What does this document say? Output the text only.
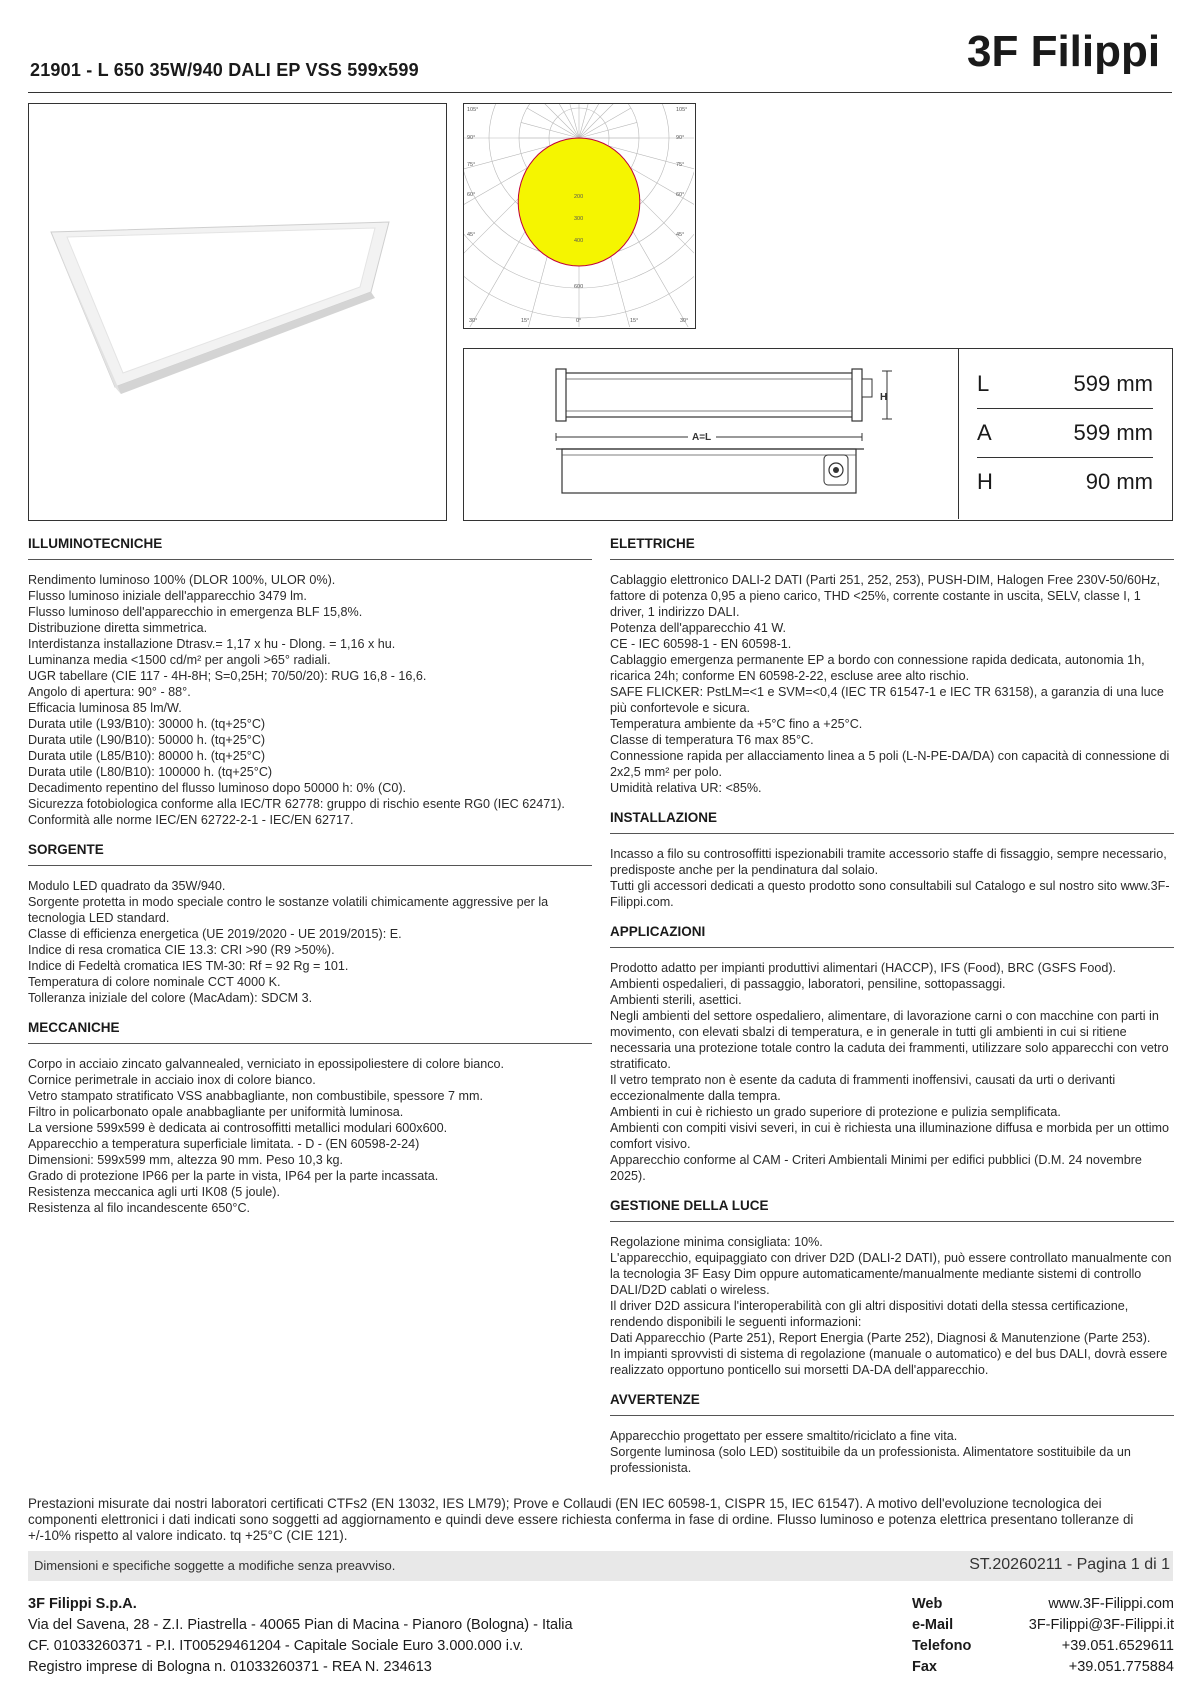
21901 - L 650 35W/940 DALI EP VSS 599x599	3F Filippi
105°
90°
75°
60°
45°
105°
90°
75°
60°
45°
30°	15°	0°	15°	30°
200
300
400
600
H
A=L
L	599 mm
A	599 mm
H	90 mm
ILLUMINOTECNICHE
Rendimento luminoso 100% (DLOR 100%, ULOR 0%).
Flusso luminoso iniziale dell'apparecchio 3479 lm.
Flusso luminoso dell'apparecchio in emergenza BLF 15,8%.
Distribuzione diretta simmetrica.
Interdistanza installazione Dtrasv.= 1,17 x hu - Dlong. = 1,16 x hu.
Luminanza media <1500 cd/m² per angoli >65° radiali.
UGR tabellare (CIE 117 - 4H-8H; S=0,25H; 70/50/20): RUG 16,8 - 16,6.
Angolo di apertura: 90° - 88°.
Efficacia luminosa 85 lm/W.
Durata utile (L93/B10): 30000 h. (tq+25°C)
Durata utile (L90/B10): 50000 h. (tq+25°C)
Durata utile (L85/B10): 80000 h. (tq+25°C)
Durata utile (L80/B10): 100000 h. (tq+25°C)
Decadimento repentino del flusso luminoso dopo 50000 h: 0% (C0).
Sicurezza fotobiologica conforme alla IEC/TR 62778: gruppo di rischio esente RG0 (IEC 62471).
Conformità alle norme IEC/EN 62722-2-1 - IEC/EN 62717.
SORGENTE
Modulo LED quadrato da 35W/940.
Sorgente protetta in modo speciale contro le sostanze volatili chimicamente aggressive per la tecnologia LED standard.
Classe di efficienza energetica (UE 2019/2020 - UE 2019/2015): E.
Indice di resa cromatica CIE 13.3: CRI >90 (R9 >50%).
Indice di Fedeltà cromatica IES TM-30: Rf = 92 Rg = 101.
Temperatura di colore nominale CCT 4000 K.
Tolleranza iniziale del colore (MacAdam): SDCM 3.
MECCANICHE
Corpo in acciaio zincato galvannealed, verniciato in epossipoliestere di colore bianco.
Cornice perimetrale in acciaio inox di colore bianco.
Vetro stampato stratificato VSS anabbagliante, non combustibile, spessore 7 mm.
Filtro in policarbonato opale anabbagliante per uniformità luminosa.
La versione 599x599 è dedicata ai controsoffitti metallici modulari 600x600.
Apparecchio a temperatura superficiale limitata. - D - (EN 60598-2-24)
Dimensioni: 599x599 mm, altezza 90 mm. Peso 10,3 kg.
Grado di protezione IP66 per la parte in vista, IP64 per la parte incassata.
Resistenza meccanica agli urti IK08 (5 joule).
Resistenza al filo incandescente 650°C.
ELETTRICHE
Cablaggio elettronico DALI-2 DATI (Parti 251, 252, 253), PUSH-DIM, Halogen Free 230V-50/60Hz, fattore di potenza 0,95 a pieno carico, THD <25%, corrente costante in uscita, SELV, classe I, 1 driver, 1 indirizzo DALI.
Potenza dell'apparecchio 41 W.
CE - IEC 60598-1 - EN 60598-1.
Cablaggio emergenza permanente EP a bordo con connessione rapida dedicata, autonomia 1h, ricarica 24h; conforme EN 60598-2-22, escluse aree alto rischio.
SAFE FLICKER: PstLM=<1 e SVM=<0,4 (IEC TR 61547-1 e IEC TR 63158), a garanzia di una luce più confortevole e sicura.
Temperatura ambiente da +5°C fino a +25°C.
Classe di temperatura T6 max 85°C.
Connessione rapida per allacciamento linea a 5 poli (L-N-PE-DA/DA) con capacità di connessione di 2x2,5 mm² per polo.
Umidità relativa UR: <85%.
INSTALLAZIONE
Incasso a filo su controsoffitti ispezionabili tramite accessorio staffe di fissaggio, sempre necessario, predisposte anche per la pendinatura dal solaio.
Tutti gli accessori dedicati a questo prodotto sono consultabili sul Catalogo e sul nostro sito www.3F-Filippi.com.
APPLICAZIONI
Prodotto adatto per impianti produttivi alimentari (HACCP), IFS (Food), BRC (GSFS Food).
Ambienti ospedalieri, di passaggio, laboratori, pensiline, sottopassaggi.
Ambienti sterili, asettici.
Negli ambienti del settore ospedaliero, alimentare, di lavorazione carni o con macchine con parti in movimento, con elevati sbalzi di temperatura, e in generale in tutti gli ambienti in cui si ritiene necessaria una protezione totale contro la caduta dei frammenti, utilizzare solo apparecchi con vetro stratificato.
Il vetro temprato non è esente da caduta di frammenti inoffensivi, causati da urti o derivanti eccezionalmente dalla tempra.
Ambienti in cui è richiesto un grado superiore di protezione e pulizia semplificata.
Ambienti con compiti visivi severi, in cui è richiesta una illuminazione diffusa e morbida per un ottimo comfort visivo.
Apparecchio conforme al CAM - Criteri Ambientali Minimi per edifici pubblici (D.M. 24 novembre 2025).
GESTIONE DELLA LUCE
Regolazione minima consigliata: 10%.
L'apparecchio, equipaggiato con driver D2D (DALI-2 DATI), può essere controllato manualmente con la tecnologia 3F Easy Dim oppure automaticamente/manualmente mediante sistemi di controllo DALI/D2D cablati o wireless.
Il driver D2D assicura l'interoperabilità con gli altri dispositivi dotati della stessa certificazione, rendendo disponibili le seguenti informazioni:
Dati Apparecchio (Parte 251), Report Energia (Parte 252), Diagnosi & Manutenzione (Parte 253).
In impianti sprovvisti di sistema di regolazione (manuale o automatico) e del bus DALI, dovrà essere realizzato opportuno ponticello sui morsetti DA-DA dell'apparecchio.
AVVERTENZE
Apparecchio progettato per essere smaltito/riciclato a fine vita.
Sorgente luminosa (solo LED) sostituibile da un professionista. Alimentatore sostituibile da un professionista.
Prestazioni misurate dai nostri laboratori certificati CTFs2 (EN 13032, IES LM79); Prove e Collaudi (EN IEC 60598-1, CISPR 15, IEC 61547). A motivo dell'evoluzione tecnologica dei componenti elettronici i dati indicati sono soggetti ad aggiornamento e quindi deve essere richiesta conferma in fase di ordine. Flusso luminoso e potenza elettrica presentano tolleranze di +/-10% rispetto al valore indicato. tq +25°C (CIE 121).
Dimensioni e specifiche soggette a modifiche senza preavviso.	ST.20260211 - Pagina 1 di 1
3F Filippi S.p.A.
Via del Savena, 28 - Z.I. Piastrella - 40065 Pian di Macina - Pianoro (Bologna) - Italia
CF. 01033260371 - P.I. IT00529461204 - Capitale Sociale Euro 3.000.000 i.v.
Registro imprese di Bologna n. 01033260371 - REA N. 234613
Web	www.3F-Filippi.com
e-Mail	3F-Filippi@3F-Filippi.it
Telefono	+39.051.6529611
Fax	+39.051.775884
